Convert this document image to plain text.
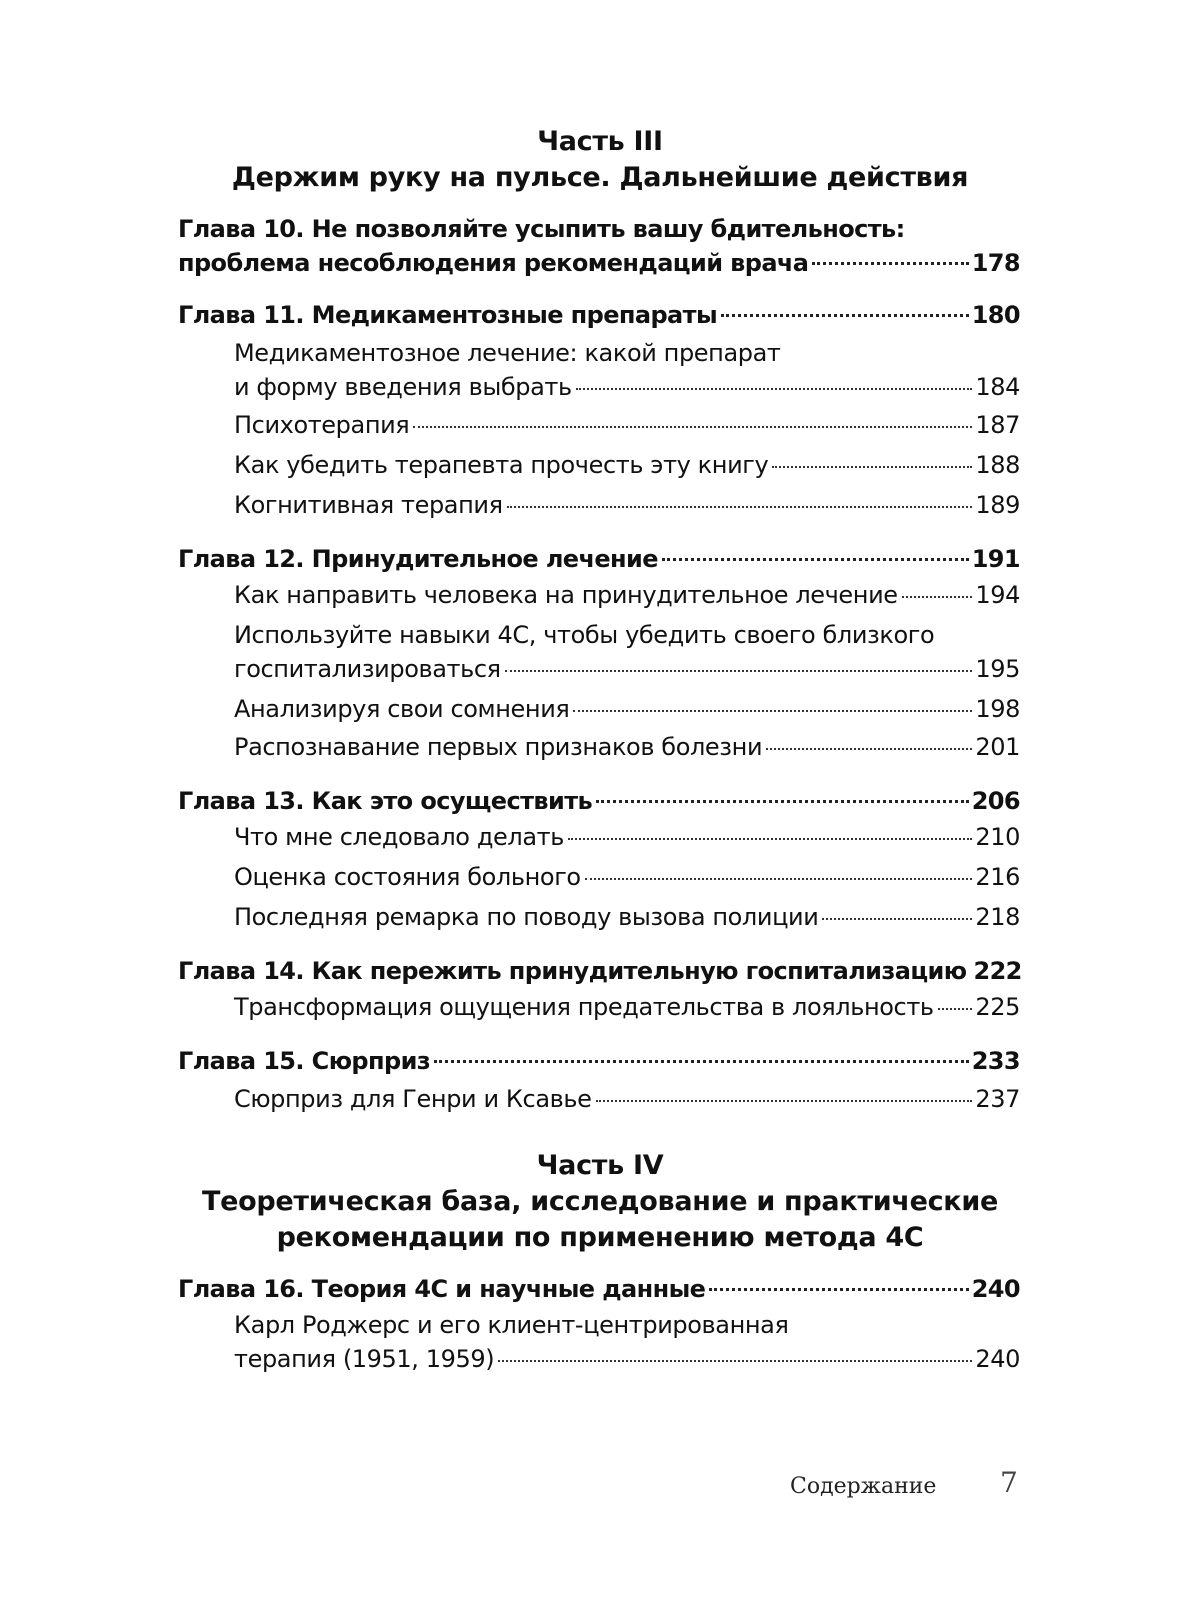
Часть III
Держим руку на пульсе. Дальнейшие действия
Глава 10. Не позволяйте усыпить вашу бдительность:
проблема несоблюдения рекомендаций врача	178
Глава 11. Медикаментозные препараты	180
Медикаментозное лечение: какой препарат
и форму введения выбрать	184
Психотерапия	187
Как убедить терапевта прочесть эту книгу	188
Когнитивная терапия	189
Глава 12. Принудительное лечение	191
Как направить человека на принудительное лечение	194
Используйте навыки 4С, чтобы убедить своего близкого
госпитализироваться	195
Анализируя свои сомнения	198
Распознавание первых признаков болезни	201
Глава 13. Как это осуществить	206
Что мне следовало делать	210
Оценка состояния больного	216
Последняя ремарка по поводу вызова полиции	218
Глава 14. Как пережить принудительную госпитализацию 222
Трансформация ощущения предательства в лояльность 225
Глава 15. Сюрприз	233
Сюрприз для Генри и Ксавье	237
Часть IV
Теоретическая база, исследование и практические
рекомендации по применению метода 4С
Глава 16. Теория 4С и научные данные	240
Карл Роджерс и его клиент-центрированная
терапия (1951, 1959)	240
Содержание 7
